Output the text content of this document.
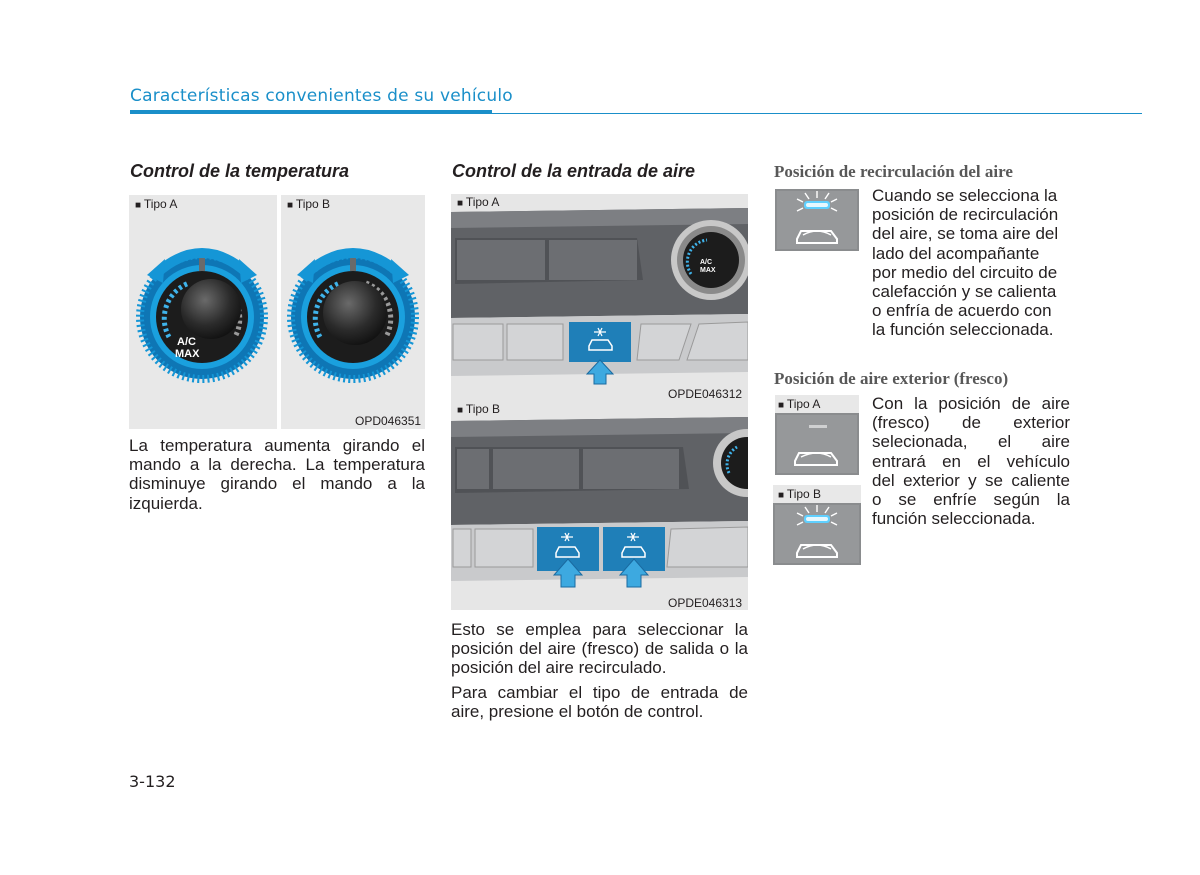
Características convenientes de su vehículo
Control de la temperatura
■ Tipo A
■	Tipo B
A/C
MAX
OPD046351

La temperatura aumenta girando el mando a la derecha. La temperatura disminuye girando el mando a la izquierda.

Control de la entrada de aire
A/C
MAX
■ Tipo A
OPDE046312
■ Tipo B
OPDE046313

Esto se emplea para seleccionar la posición del aire (fresco) de salida o la posición del aire recirculado.

Para cambiar el tipo de entrada de aire, presione el botón de control.

Posición de recirculación del aire
Cuando se selecciona la
posición de recirculación
del aire, se toma aire del
lado del acompañante
por medio del circuito de
calefacción y se calienta
o enfría de acuerdo con
la función seleccionada.
Posición de aire exterior (fresco)
■ Tipo A
■ Tipo B
Con la posición de aire
(fresco) de exterior
selecionada, el aire
entrará en el vehículo
del exterior y se caliente
o se enfríe según la
función seleccionada.
3-132
